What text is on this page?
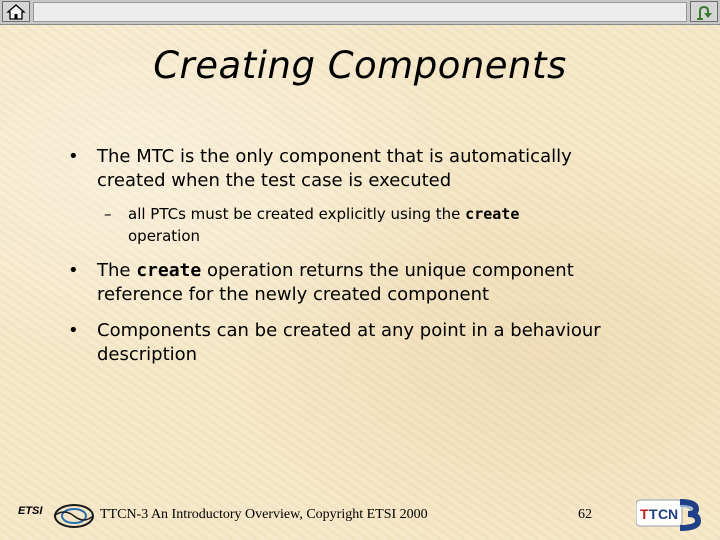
Creating Components
• The MTC is the only component that is automatically
created when the test case is executed
– all PTCs must be created explicitly using the create
operation
• The create operation returns the unique component
reference for the newly created component
• Components can be created at any point in a behaviour
description
ETSI	TTCN-3 An Introductory Overview, Copyright ETSI 2000	62	T T C N
